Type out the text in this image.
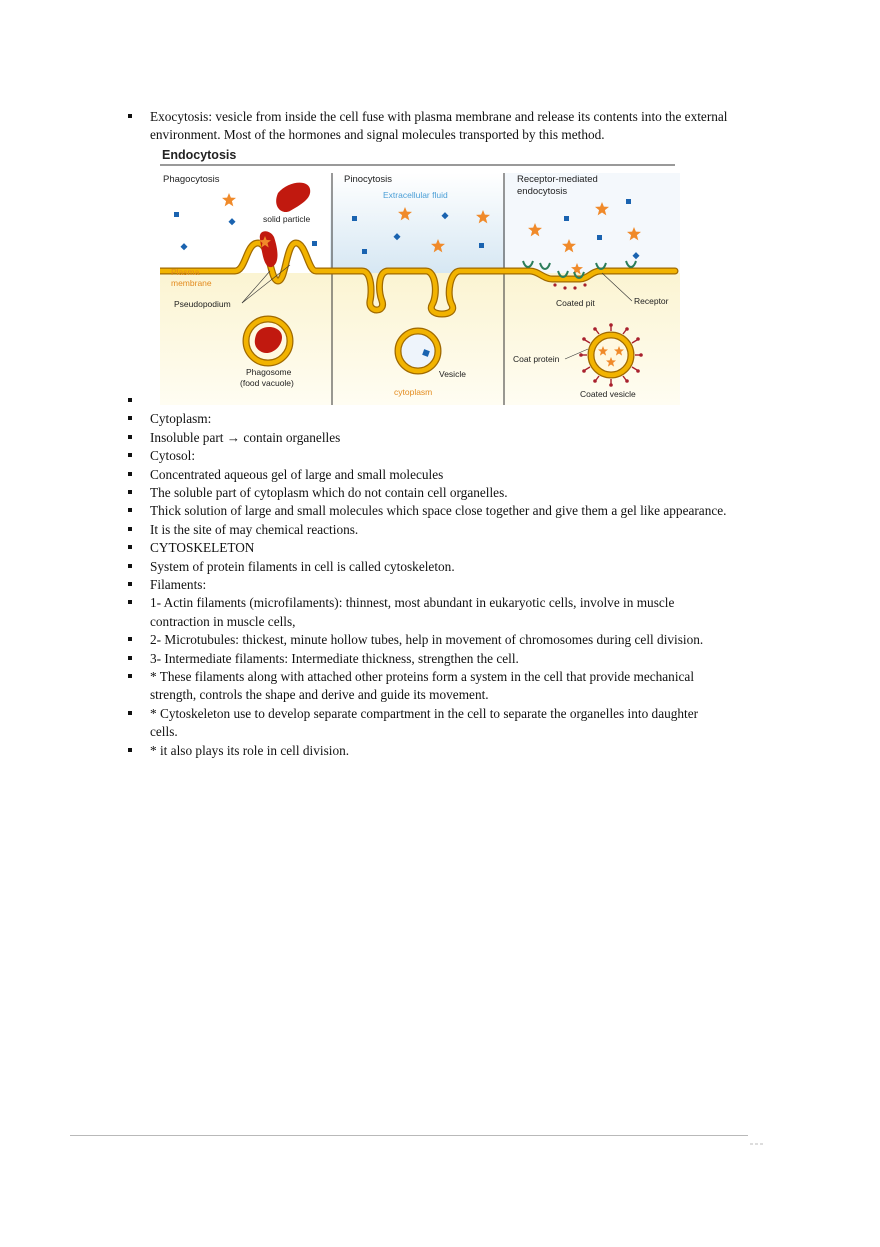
Exocytosis: vesicle from inside the cell fuse with plasma membrane and release its contents into the external environment. Most of the hormones and signal molecules transported by this method.
Endocytosis
Phagocytosis	Pinocytosis	Receptor-mediated
endocytosis
Extracellular fluid
solid particle
Phagosome
(food vacuole)
Plasma
membrane
Pseudopodium
Vesicle
cytoplasm
Coated pit	Receptor
Coat protein
Coated vesicle
Cytoplasm:
Insoluble part → contain organelles
Cytosol:
Concentrated aqueous gel of large and small molecules
The soluble part of cytoplasm which do not contain cell organelles.
Thick solution of large and small molecules which space close together and give them a gel like appearance.
It is the site of may chemical reactions.
CYTOSKELETON
System of protein filaments in cell is called cytoskeleton.
Filaments:
1- Actin filaments (microfilaments): thinnest, most abundant in eukaryotic cells, involve in muscle contraction in muscle cells,
2- Microtubules: thickest, minute hollow tubes, help in movement of chromosomes during cell division.
3- Intermediate filaments: Intermediate thickness, strengthen the cell.
* These filaments along with attached other proteins form a system in the cell that provide mechanical strength, controls the shape and derive and guide its movement.
* Cytoskeleton use to develop separate compartment in the cell to separate the organelles into daughter cells.
* it also plays its role in cell division.
